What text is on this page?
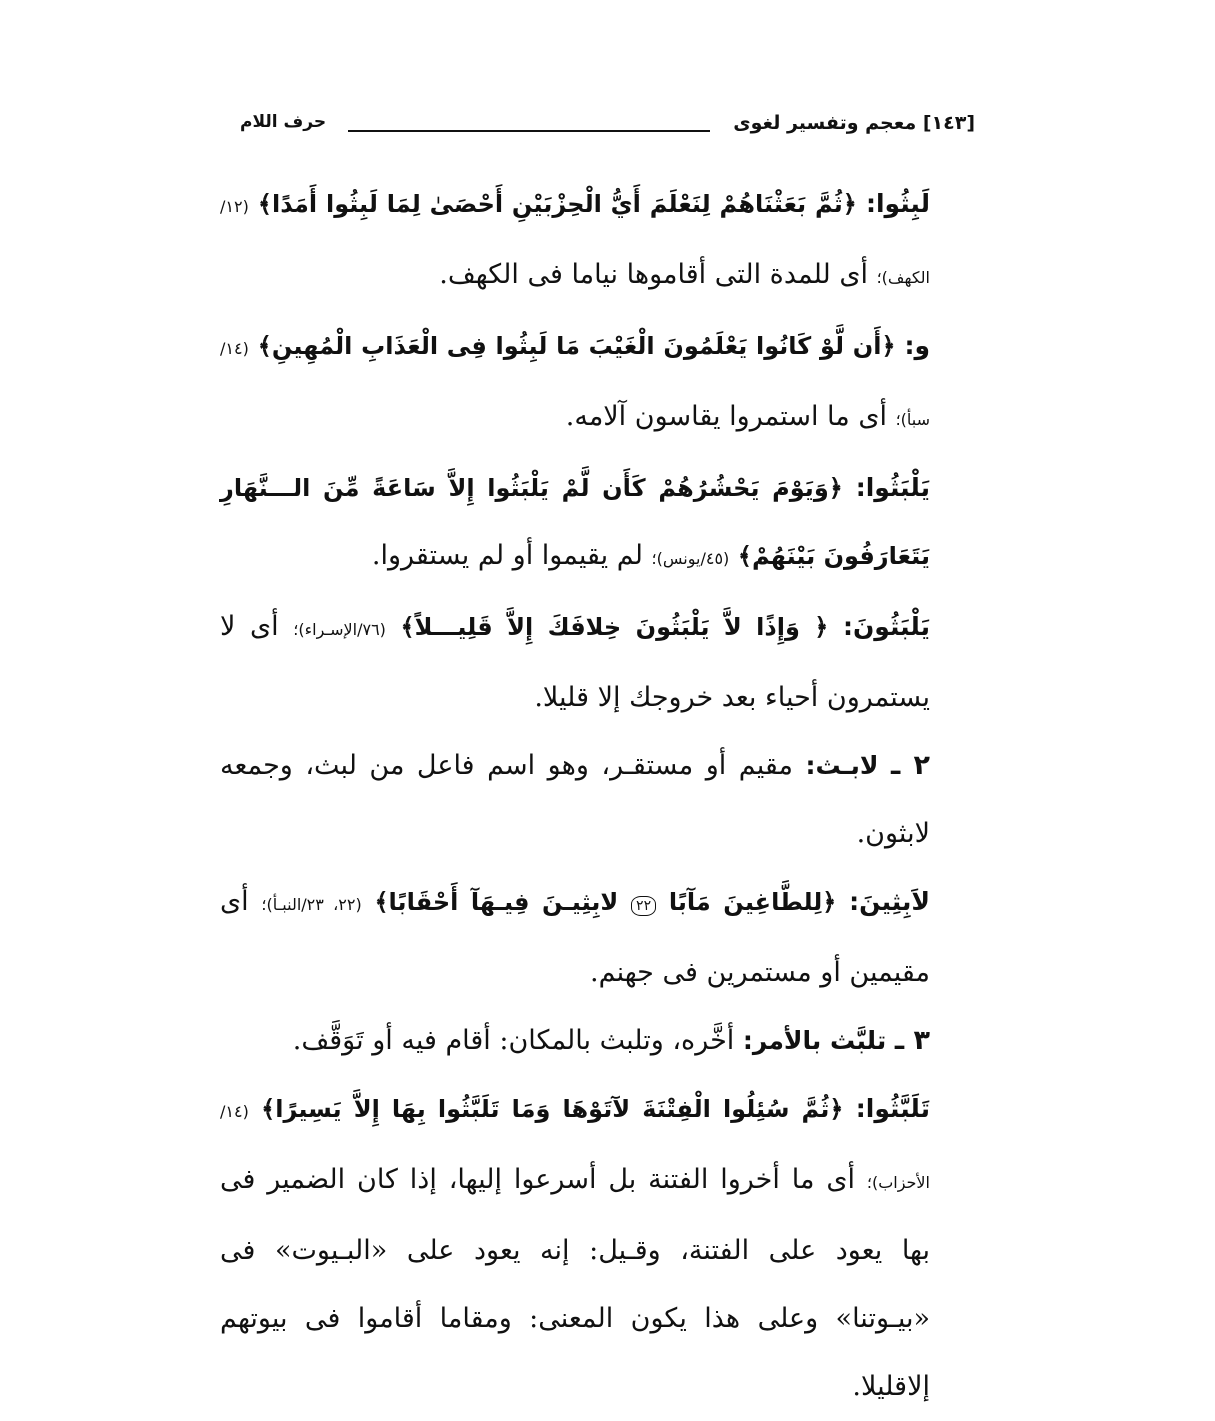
[١٤٣] معجم وتفسير لغوى
حرف اللام

لَبِثُوا: ﴿ثُمَّ بَعَثْنَاهُمْ لِنَعْلَمَ أَيُّ الْحِزْبَيْنِ أَحْصَىٰ لِمَا لَبِثُوا أَمَدًا﴾ (١٢/الكهف)؛ أى للمدة التى أقاموها نياما فى الكهف.

و: ﴿أَن لَّوْ كَانُوا يَعْلَمُونَ الْغَيْبَ مَا لَبِثُوا فِى الْعَذَابِ الْمُهِينِ﴾ (١٤/سبأ)؛ أى ما استمروا يقاسون آلامه.

يَلْبَثُوا: ﴿وَيَوْمَ يَحْشُرُهُمْ كَأَن لَّمْ يَلْبَثُوا إِلاَّ سَاعَةً مِّنَ الـــنَّهَارِ يَتَعَارَفُونَ بَيْنَهُمْ﴾ (٤٥/يونس)؛ لم يقيموا أو لم يستقروا.

يَلْبَثُونَ: ﴿ وَإِذًا لاَّ يَلْبَثُونَ خِلافَكَ إِلاَّ قَلِيـــلاً﴾ (٧٦/الإسـراء)؛ أى لا يستمرون أحياء بعد خروجك إلا قليلا.

٢ ـ لابـث: مقيم أو مستقـر، وهو اسم فاعل من لبث، وجمعه لابثون.

لاَبِثِينَ: ﴿لِلطَّاغِينَ مَآبًا ٢٢ لابِثِيـنَ فِيـهَآ أَحْقَابًا﴾ (٢٢، ٢٣/النبـأ)؛ أى مقيمين أو مستمرين فى جهنم.

٣ ـ تلبَّث بالأمر: أخَّره، وتلبث بالمكان: أقام فيه أو تَوَقَّف.

تَلَبَّثُوا: ﴿ثُمَّ سُئِلُوا الْفِتْنَةَ لآتَوْهَا وَمَا تَلَبَّثُوا بِهَا إِلاَّ يَسِيرًا﴾ (١٤/الأحزاب)؛ أى ما أخروا الفتنة بل أسرعوا إليها، إذا كان الضمير فى بها يعود على الفتنة، وقـيل: إنه يعود على «البـيوت» فى «بيـوتنا» وعلى هذا يكون المعنى: ومقاما أقاموا فى بيوتهم إلاقليلا.
